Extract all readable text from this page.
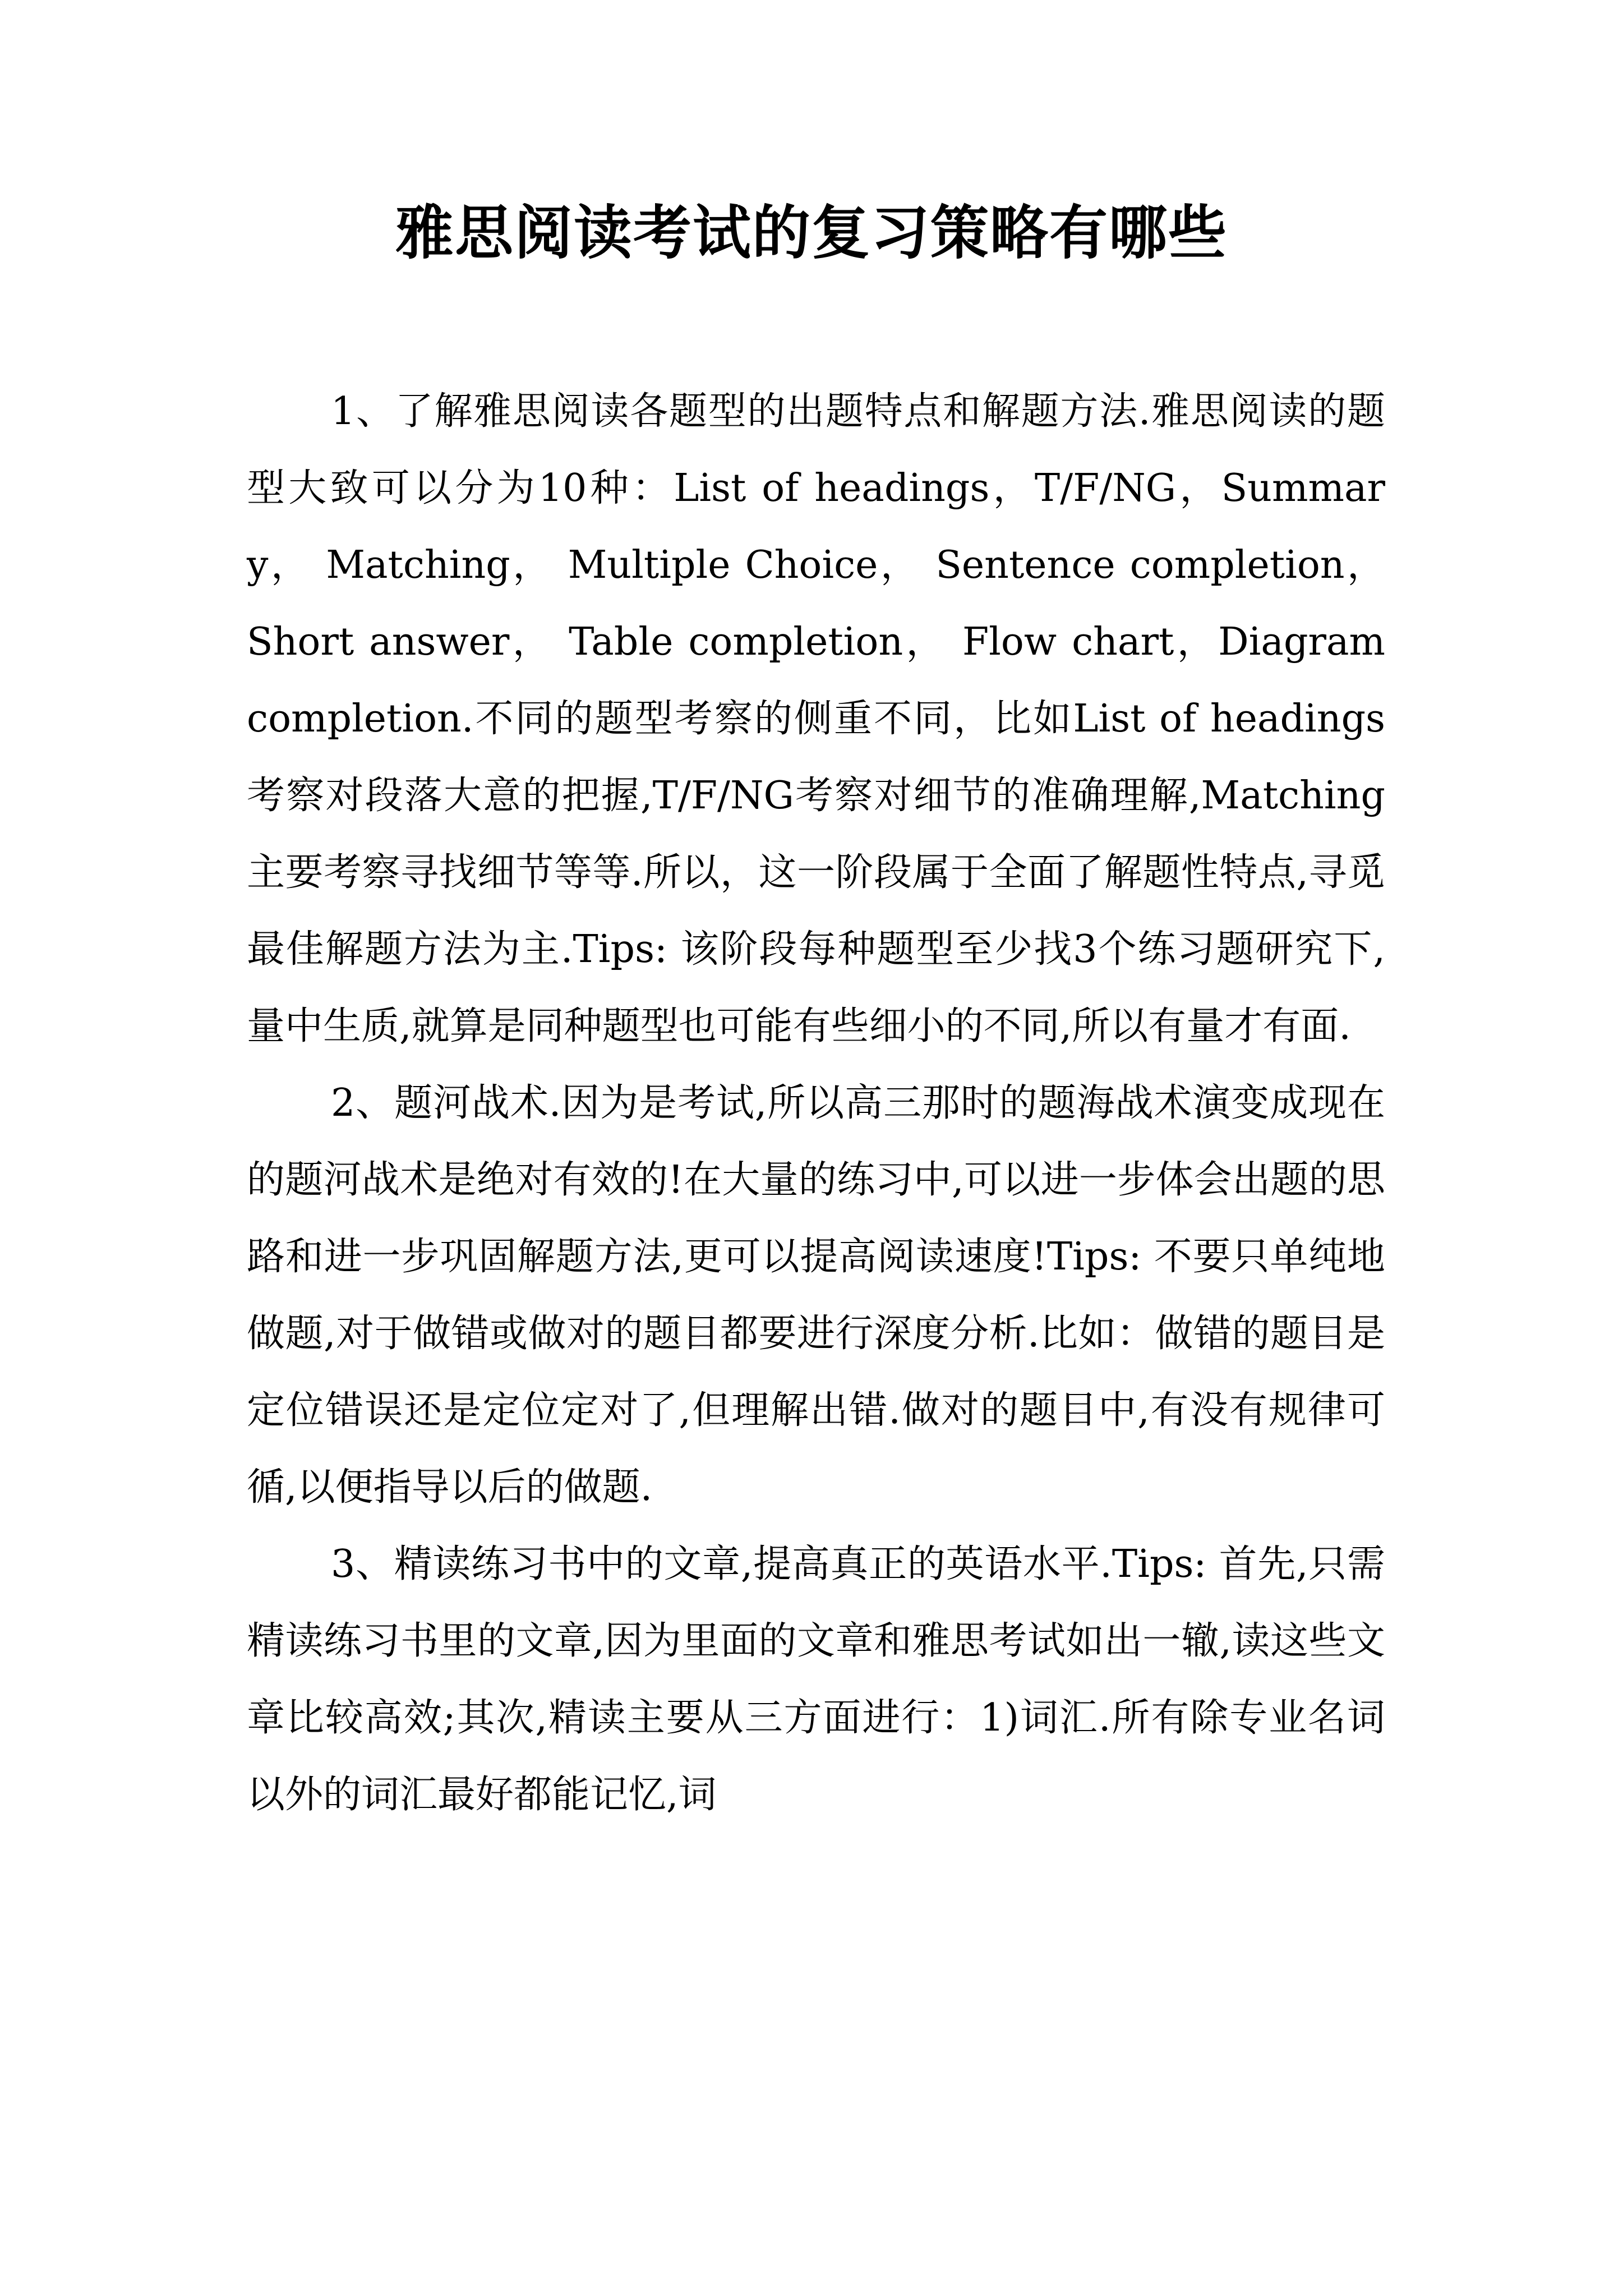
雅思阅读考试的复习策略有哪些

1、了解雅思阅读各题型的出题特点和解题方法.雅思阅读的题型大致可以分为10种：List of headings，T/F/NG，Summary， Matching， Multiple Choice， Sentence completion， Short answer， Table completion， Flow chart，Diagram completion.不同的题型考察的侧重不同，比如List of headings考察对段落大意的把握,T/F/NG考察对细节的准确理解,Matching主要考察寻找细节等等.所以，这一阶段属于全面了解题性特点,寻觅最佳解题方法为主.Tips: 该阶段每种题型至少找3个练习题研究下,量中生质,就算是同种题型也可能有些细小的不同,所以有量才有面.

2、题河战术.因为是考试,所以高三那时的题海战术演变成现在的题河战术是绝对有效的!在大量的练习中,可以进一步体会出题的思路和进一步巩固解题方法,更可以提高阅读速度!Tips: 不要只单纯地做题,对于做错或做对的题目都要进行深度分析.比如：做错的题目是定位错误还是定位定对了,但理解出错.做对的题目中,有没有规律可循,以便指导以后的做题.

3、精读练习书中的文章,提高真正的英语水平.Tips: 首先,只需精读练习书里的文章,因为里面的文章和雅思考试如出一辙,读这些文章比较高效;其次,精读主要从三方面进行：1)词汇.所有除专业名词以外的词汇最好都能记忆,词
